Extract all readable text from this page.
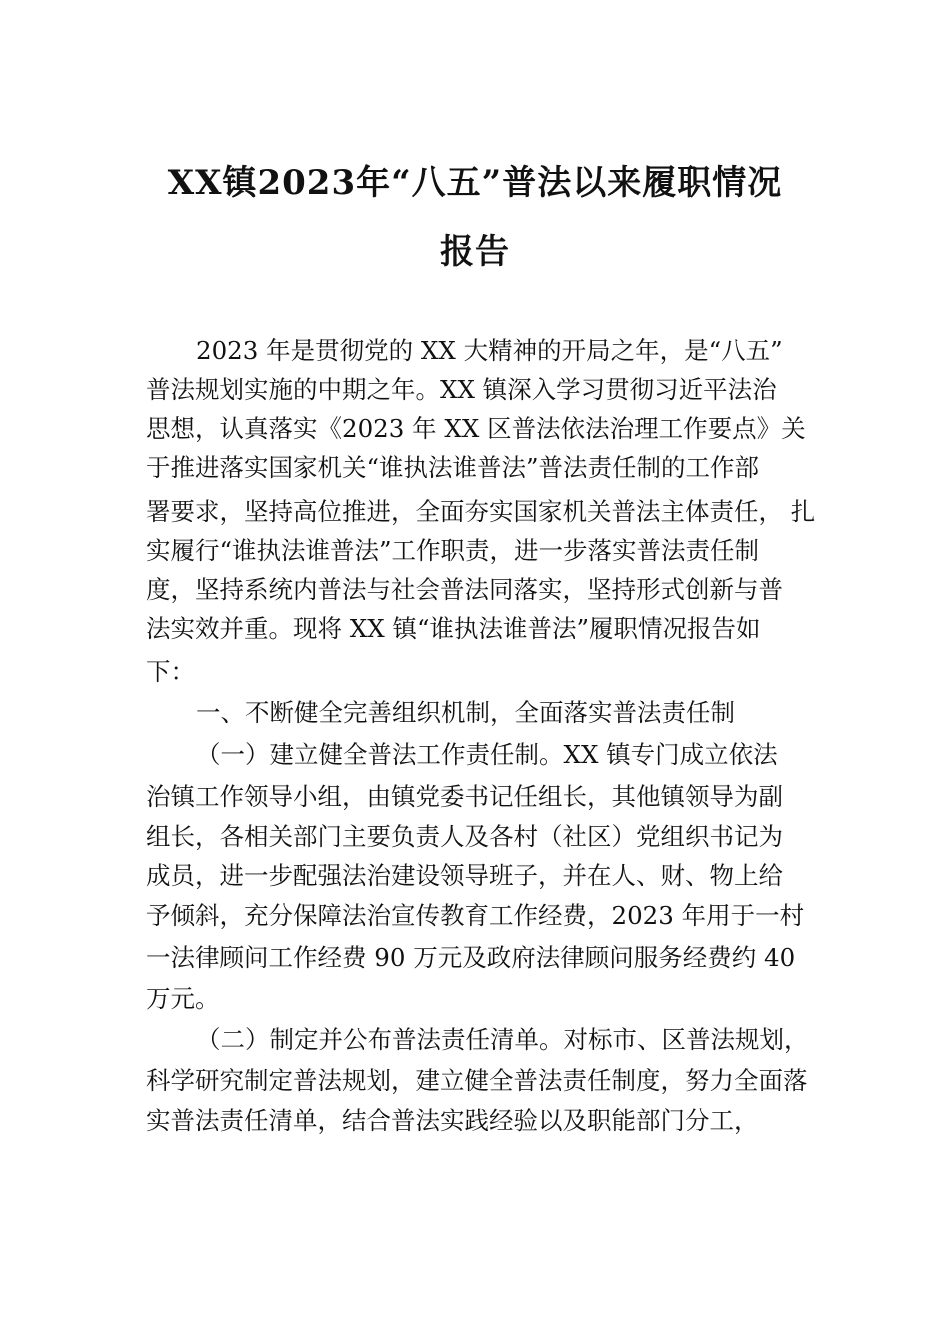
XX镇2023年“八五”普法以来履职情况
报告
2023 年是贯彻党的 XX 大精神的开局之年，是“八五”
普法规划实施的中期之年。XX 镇深入学习贯彻习近平法治
思想，认真落实《2023 年 XX 区普法依法治理工作要点》关
于推进落实国家机关“谁执法谁普法”普法责任制的工作部
署要求，坚持高位推进，全面夯实国家机关普法主体责任， 扎
实履行“谁执法谁普法”工作职责，进一步落实普法责任制
度，坚持系统内普法与社会普法同落实，坚持形式创新与普
法实效并重。现将 XX 镇“谁执法谁普法”履职情况报告如
下：
一、不断健全完善组织机制，全面落实普法责任制
（一）建立健全普法工作责任制。XX 镇专门成立依法
治镇工作领导小组，由镇党委书记任组长，其他镇领导为副
组长，各相关部门主要负责人及各村（社区）党组织书记为
成员，进一步配强法治建设领导班子，并在人、财、物上给
予倾斜，充分保障法治宣传教育工作经费，2023 年用于一村
一法律顾问工作经费 90 万元及政府法律顾问服务经费约 40
万元。
（二）制定并公布普法责任清单。对标市、区普法规划，
科学研究制定普法规划，建立健全普法责任制度，努力全面落
实普法责任清单，结合普法实践经验以及职能部门分工，
